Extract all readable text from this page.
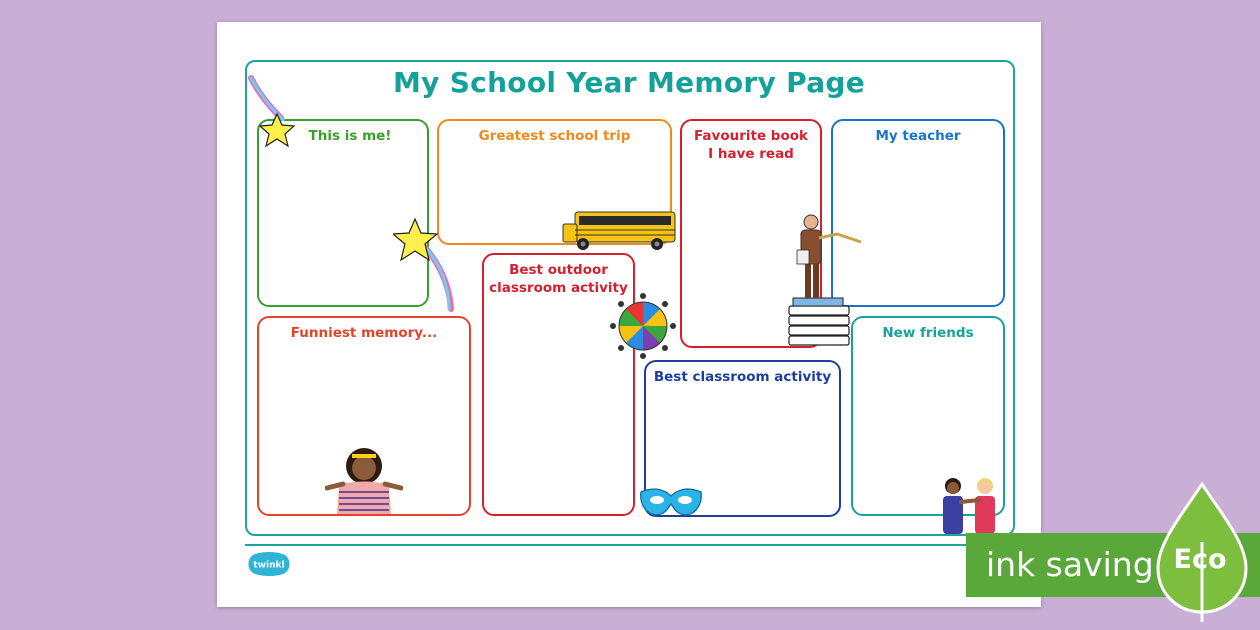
My School Year Memory Page
This is me!	Greatest school trip	Favourite book
I have read
My teacher
Best outdoor
classroom activity
Funniest memory...
Best classroom activity
New friends
twinkl	ink saving Eco
